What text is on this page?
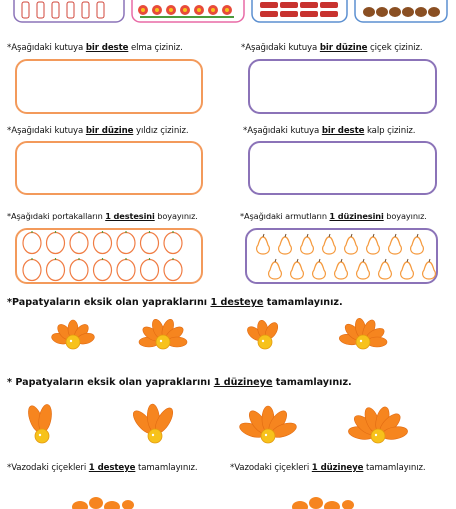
*Aşağıdaki kutuya bir deste elma çiziniz.	*Aşağıdaki kutuya bir düzine çiçek çiziniz.
*Aşağıdaki kutuya bir düzine yıldız çiziniz.	*Aşağıdaki kutuya bir deste kalp çiziniz.
*Aşağıdaki portakalların 1 destesini boyayınız.	*Aşağıdaki armutların 1 düzinesini boyayınız.
*Papatyaların eksik olan yapraklarını 1 desteye tamamlayınız.
* Papatyaların eksik olan yapraklarını 1 düzineye tamamlayınız.
*Vazodaki çiçekleri 1 desteye tamamlayınız.	*Vazodaki çiçekleri 1 düzineye tamamlayınız.
